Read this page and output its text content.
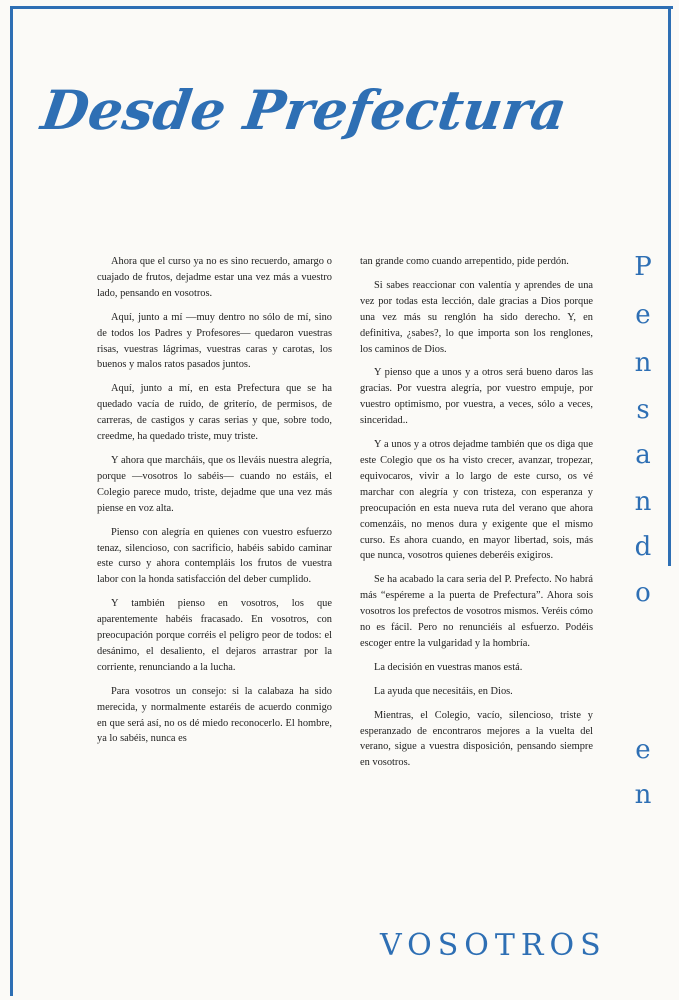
Desde Prefectura

Ahora que el curso ya no es sino recuerdo, amargo o cuajado de frutos, dejadme estar una vez más a vuestro lado, pensando en vosotros.

Aquí, junto a mí —muy dentro no sólo de mí, sino de todos los Padres y Profesores— quedaron vuestras risas, vuestras lágrimas, vuestras caras y carotas, los buenos y malos ratos pasados juntos.

Aquí, junto a mí, en esta Prefectura que se ha quedado vacía de ruido, de griterío, de permisos, de carreras, de castigos y caras serias y que, sobre todo, creedme, ha quedado triste, muy triste.

Y ahora que marcháis, que os lleváis nuestra alegría, porque —vosotros lo sabéis— cuando no estáis, el Colegio parece mudo, triste, dejadme que una vez más piense en voz alta.

Pienso con alegría en quienes con vuestro esfuerzo tenaz, silencioso, con sacrificio, habéis sabido caminar este curso y ahora contempláis los frutos de vuestra labor con la honda satisfacción del deber cumplido.

Y también pienso en vosotros, los que aparentemente habéis fracasado. En vosotros, con preocupación porque corréis el peligro peor de todos: el desánimo, el desaliento, el dejaros arrastrar por la corriente, renunciando a la lucha.

Para vosotros un consejo: si la calabaza ha sido merecida, y normalmente estaréis de acuerdo conmigo en que será así, no os dé miedo reconocerlo. El hombre, ya lo sabéis, nunca es

tan grande como cuando arrepentido, pide perdón.

Si sabes reaccionar con valentía y aprendes de una vez por todas esta lección, dale gracias a Dios porque una vez más su renglón ha sido derecho. Y, en definitiva, ¿sabes?, lo que importa son los renglones, los caminos de Dios.

Y pienso que a unos y a otros será bueno daros las gracias. Por vuestra alegría, por vuestro empuje, por vuestro optimismo, por vuestra, a veces, sólo a veces, sinceridad..

Y a unos y a otros dejadme también que os diga que este Colegio que os ha visto crecer, avanzar, tropezar, equivocaros, vivir a lo largo de este curso, os vé marchar con alegría y con tristeza, con esperanza y preocupación en esta nueva ruta del verano que ahora comenzáis, no menos dura y exigente que el mismo curso. Es ahora cuando, en mayor libertad, sois, más que nunca, vosotros quienes deberéis exigiros.

Se ha acabado la cara seria del P. Prefecto. No habrá más “espéreme a la puerta de Prefectura”. Ahora sois vosotros los prefectos de vosotros mismos. Veréis cómo no es fácil. Pero no renunciéis al esfuerzo. Podéis escoger entre la vulgaridad y la hombría.

La decisión en vuestras manos está.

La ayuda que necesitáis, en Dios.

Mientras, el Colegio, vacío, silencioso, triste y esperanzado de encontraros mejores a la vuelta del verano, sigue a vuestra disposición, pensando siempre en vosotros.

P
e
n
s
a
n
d
o
e
n
VOSOTROS
